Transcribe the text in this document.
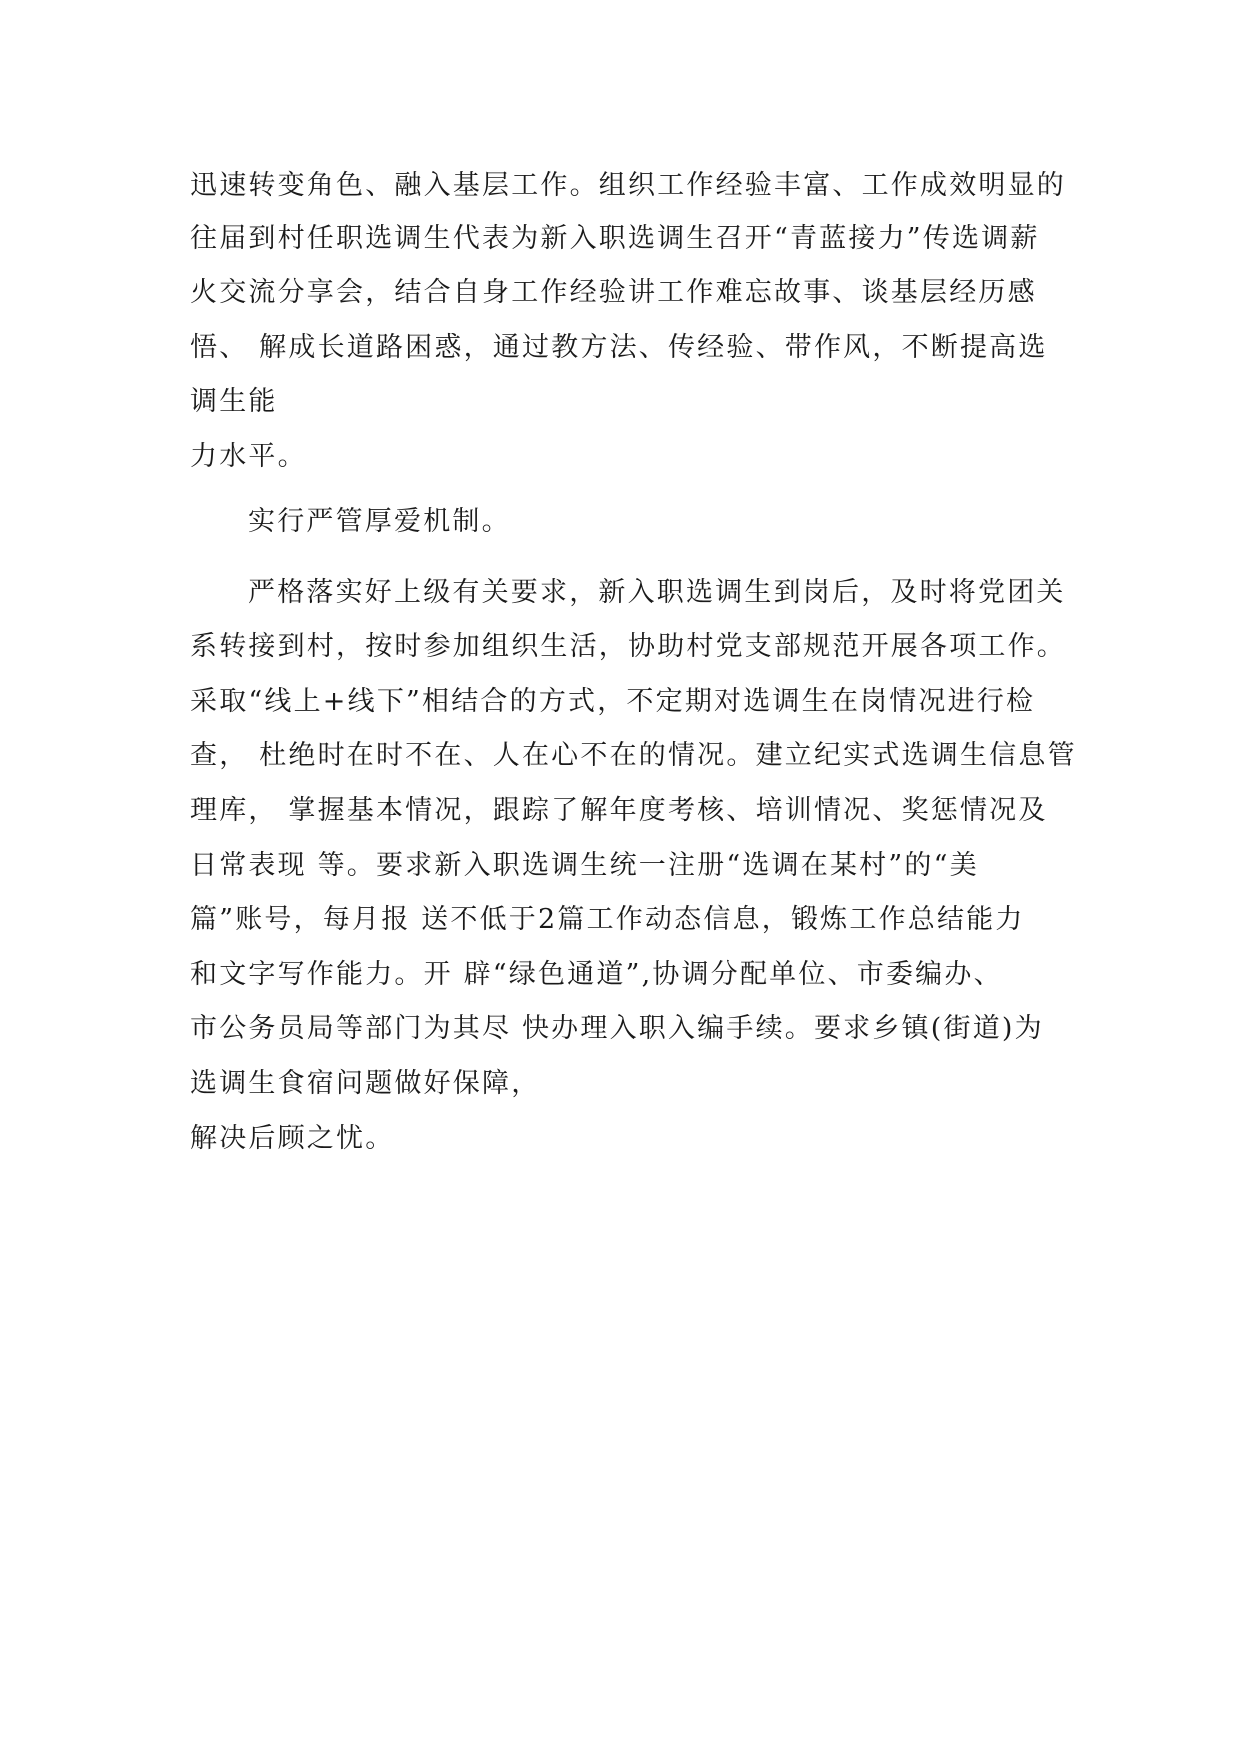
迅速转变角色、融入基层工作。组织工作经验丰富、工作成效明显的
往届到村任职选调生代表为新入职选调生召开“青蓝接力”传选调薪
火交流分享会，结合自身工作经验讲工作难忘故事、谈基层经历感
悟、 解成长道路困惑，通过教方法、传经验、带作风，不断提高选
调生能
力水平。
实行严管厚爱机制。
严格落实好上级有关要求，新入职选调生到岗后，及时将党团关
系转接到村，按时参加组织生活，协助村党支部规范开展各项工作。
采取“线上+线下”相结合的方式，不定期对选调生在岗情况进行检
查， 杜绝时在时不在、人在心不在的情况。建立纪实式选调生信息管
理库， 掌握基本情况，跟踪了解年度考核、培训情况、奖惩情况及
日常表现 等。要求新入职选调生统一注册“选调在某村”的“美
篇”账号，每月报 送不低于2篇工作动态信息，锻炼工作总结能力
和文字写作能力。开 辟“绿色通道”,协调分配单位、市委编办、
市公务员局等部门为其尽 快办理入职入编手续。要求乡镇(街道)为
选调生食宿问题做好保障，
解决后顾之忧。
